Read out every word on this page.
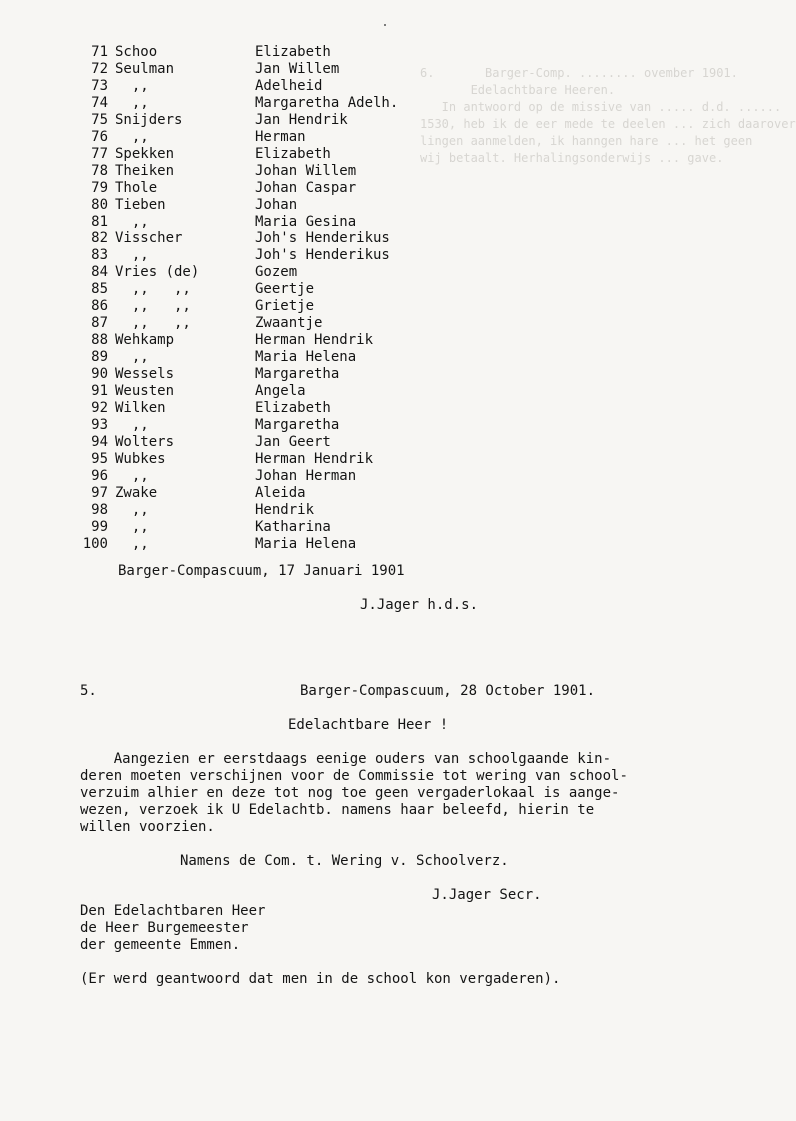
6.       Barger-Comp. ........ ovember 1901.
Edelachtbare Heeren.
In antwoord op de missive van ..... d.d. ......
1530, heb ik de eer mede te deelen ... zich daarover
lingen aanmelden, ik hanngen hare ... het geen
wij betaalt. Herhalingsonderwijs ... gave.

71 Schoo	Elizabeth
72 Seulman	Jan Willem
73 ,,	Adelheid
74 ,,	Margaretha Adelh.
75 Snijders	Jan Hendrik
76 ,,	Herman
77 Spekken	Elizabeth
78 Theiken	Johan Willem
79 Thole	Johan Caspar
80 Tieben	Johan
81 ,,	Maria Gesina
82 Visscher	Joh's Henderikus
83 ,,	Joh's Henderikus
84 Vries (de)	Gozem
85 ,,   ,,	Geertje
86 ,,   ,,	Grietje
87 ,,   ,,	Zwaantje
88 Wehkamp	Herman Hendrik
89 ,,	Maria Helena
90 Wessels	Margaretha
91 Weusten	Angela
92 Wilken	Elizabeth
93 ,,	Margaretha
94 Wolters	Jan Geert
95 Wubkes	Herman Hendrik
96 ,,	Johan Herman
97 Zwake	Aleida
98 ,,	Hendrik
99 ,,	Katharina
100 ,,	Maria Helena
Barger-Compascuum, 17 Januari 1901
J.Jager h.d.s.
5.	Barger-Compascuum, 28 October 1901.
Edelachtbare Heer !
Aangezien er eerstdaags eenige ouders van schoolgaande kin-
deren moeten verschijnen voor de Commissie tot wering van school-
verzuim alhier en deze tot nog toe geen vergaderlokaal is aange-
wezen, verzoek ik U Edelachtb. namens haar beleefd, hierin te
willen voorzien.
Namens de Com. t. Wering v. Schoolverz.
J.Jager Secr.
Den Edelachtbaren Heer
de Heer Burgemeester
der gemeente Emmen.
(Er werd geantwoord dat men in de school kon vergaderen).
